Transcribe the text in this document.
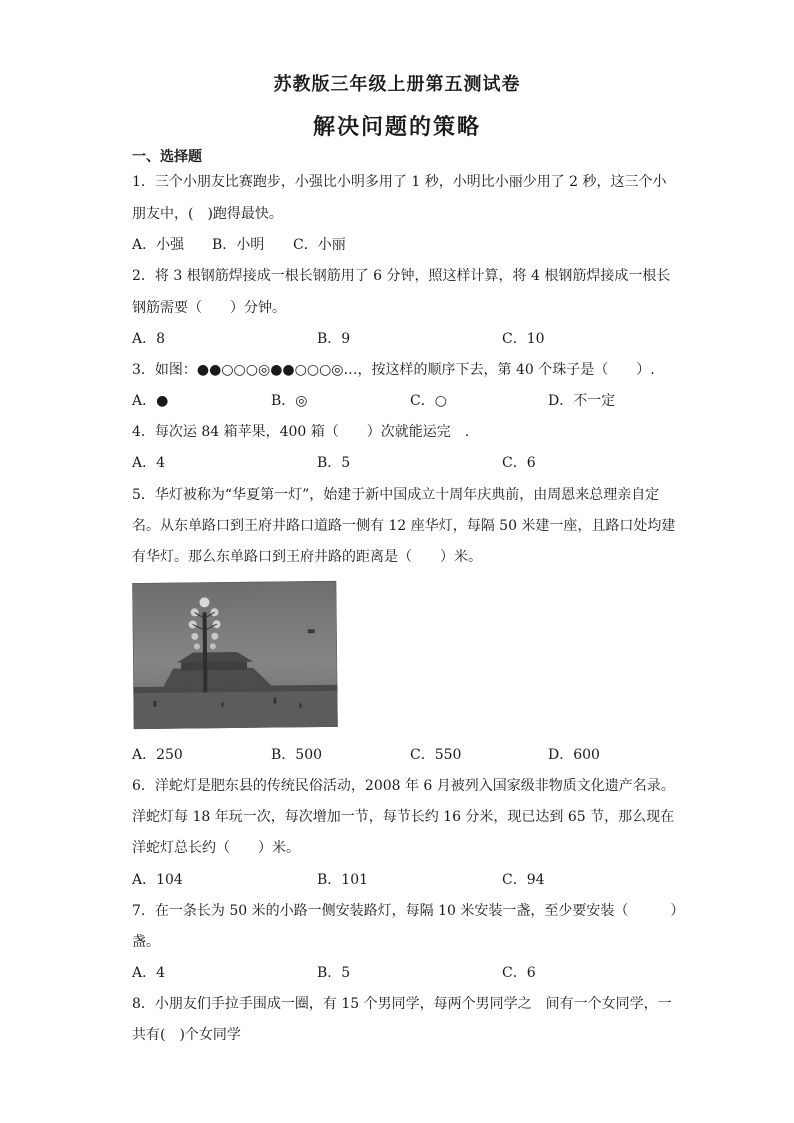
苏教版三年级上册第五测试卷
解决问题的策略
一、选择题
1．三个小朋友比赛跑步，小强比小明多用了 1 秒，小明比小丽少用了 2 秒，这三个小
朋友中，(　)跑得最快。
A．小强 B．小明 C．小丽
2．将 3 根钢筋焊接成一根长钢筋用了 6 分钟，照这样计算，将 4 根钢筋焊接成一根长
钢筋需要（　　）分钟。
A．8	B．9	C．10
3．如图：●●○○○◎●●○○○◎…，按这样的顺序下去，第 40 个珠子是（　　）.
A．●	B．◎	C．○	D．不一定
4．每次运 84 箱苹果，400 箱（　　）次就能运完　.
A．4	B．5	C．6
5．华灯被称为“华夏第一灯”，始建于新中国成立十周年庆典前，由周恩来总理亲自定
名。从东单路口到王府井路口道路一侧有 12 座华灯，每隔 50 米建一座，且路口处均建
有华灯。那么东单路口到王府井路的距离是（　　）米。
A．250	B．500	C．550	D．600
6．洋蛇灯是肥东县的传统民俗活动，2008 年 6 月被列入国家级非物质文化遗产名录。
洋蛇灯每 18 年玩一次，每次增加一节，每节长约 16 分米，现已达到 65 节，那么现在
洋蛇灯总长约（　　）米。
A．104	B．101	C．94
7．在一条长为 50 米的小路一侧安装路灯，每隔 10 米安装一盏，至少要安装（　　　）
盏。
A．4	B．5	C．6
8．小朋友们手拉手围成一圈，有 15 个男同学，每两个男同学之　间有一个女同学，一
共有(　)个女同学
